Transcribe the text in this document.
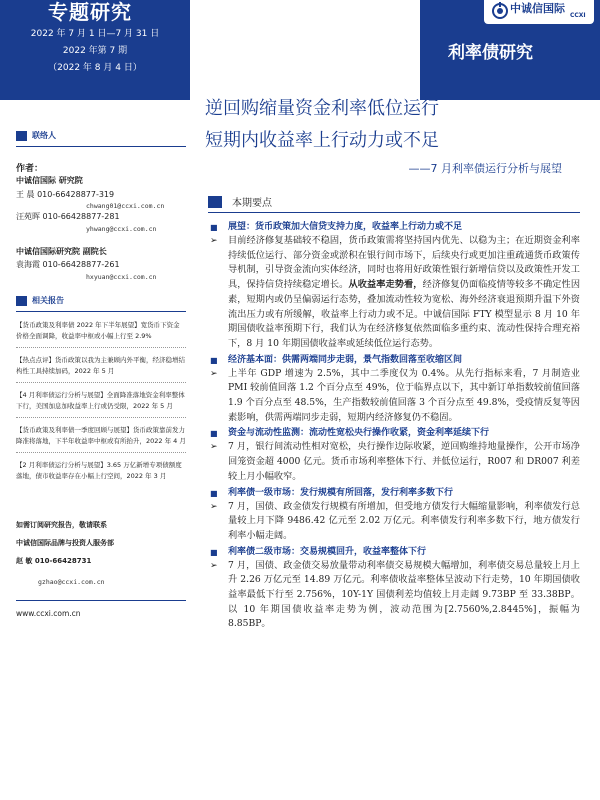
专题研究
2022 年 7 月 1 日—7 月 31 日
2022 年第 7 期
（2022 年 8 月 4 日）
利率债研究
中诚信国际
CCXI
逆回购缩量资金利率低位运行
短期内收益率上行动力或不足
——7 月利率债运行分析与展望
联络人
作者：
中诚信国际 研究院
王 晨 010-66428877-319
chwang01@ccxi.com.cn
汪苑晖 010-66428877-281
yhwang@ccxi.com.cn
中诚信国际研究院 副院长
袁海霞 010-66428877-261
hxyuan@ccxi.com.cn
相关报告
【货币政策及利率债 2022 年下半年展望】宽货币下资金价格全面调降，收益率中枢或小幅上行至 2.9%
【热点点评】货币政策以我为主兼顾内外平衡，经济稳增结构性工具持续加码，2022 年 5 月
【4 月利率债运行分析与展望】全面降准落地资金利率整体下行，美国加息加收益率上行或仍受限，2022 年 5 月
【货币政策及利率债一季度回顾与展望】货币政策靠前发力降准将落地，下半年收益率中枢或有所抬升，2022 年 4 月
【2 月利率债运行分析与展望】3.65 万亿新增专项债额度落地，债市收益率存在小幅上行空间，2022 年 3 月
如需订阅研究报告，敬请联系
中诚信国际品牌与投资人服务部
赵 敏 010-66428731
gzhao@ccxi.com.cn
www.ccxi.com.cn
本期要点
■ 展望：货币政策加大信贷支持力度，收益率上行动力或不足
➢ 目前经济修复基础较不稳固，货币政策需将坚持国内优先、以稳为主；在近期资金利率持续低位运行、部分资金或淤积在银行间市场下，后续央行或更加注重疏通货币政策传导机制，引导资金流向实体经济，同时也将用好政策性银行新增信贷以及政策性开发工具，保持信贷持续稳定增长。从收益率走势看，经济修复仍面临疫情等较多不确定性因素，短期内或仍呈偏弱运行态势，叠加流动性较为宽松、海外经济衰退预期升温下外资流出压力或有所缓解，收益率上行动力或不足。中诚信国际 FTY 模型显示 8 月 10 年期国债收益率预期下行，我们认为在经济修复依然面临多重约束、流动性保持合理充裕下，8 月 10 年期国债收益率或延续低位运行态势。
■ 经济基本面：供需两端同步走弱，景气指数回落至收缩区间
➢ 上半年 GDP 增速为 2.5%，其中二季度仅为 0.4%。从先行指标来看，7 月制造业 PMI 较前值回落 1.2 个百分点至 49%，位于临界点以下，其中新订单指数较前值回落 1.9 个百分点至 48.5%，生产指数较前值回落 3 个百分点至 49.8%，受疫情反复等因素影响，供需两端同步走弱，短期内经济修复仍不稳固。
■ 资金与流动性监测：流动性宽松央行操作收紧，资金利率延续下行
➢ 7 月，银行间流动性相对宽松，央行操作边际收紧，逆回购维持地量操作，公开市场净回笼资金超 4000 亿元。货币市场利率整体下行、并低位运行，R007 和 DR007 利差较上月小幅收窄。
■ 利率债一级市场：发行规模有所回落，发行利率多数下行
➢ 7 月，国债、政金债发行规模有所增加，但受地方债发行大幅缩量影响，利率债发行总量较上月下降 9486.42 亿元至 2.02 万亿元。利率债发行利率多数下行，地方债发行利率小幅走阔。
■ 利率债二级市场：交易规模回升，收益率整体下行
➢ 7 月，国债、政金债交易放量带动利率债交易规模大幅增加，利率债交易总量较上月上升 2.26 万亿元至 14.89 万亿元。利率债收益率整体呈波动下行走势，10 年期国债收益率最低下行至 2.756%，10Y-1Y 国债利差均值较上月走阔 9.73BP 至 33.38BP。以 10 年期国债收益率走势为例，波动范围为[2.7560%,2.8445%]，振幅为 8.85BP。
